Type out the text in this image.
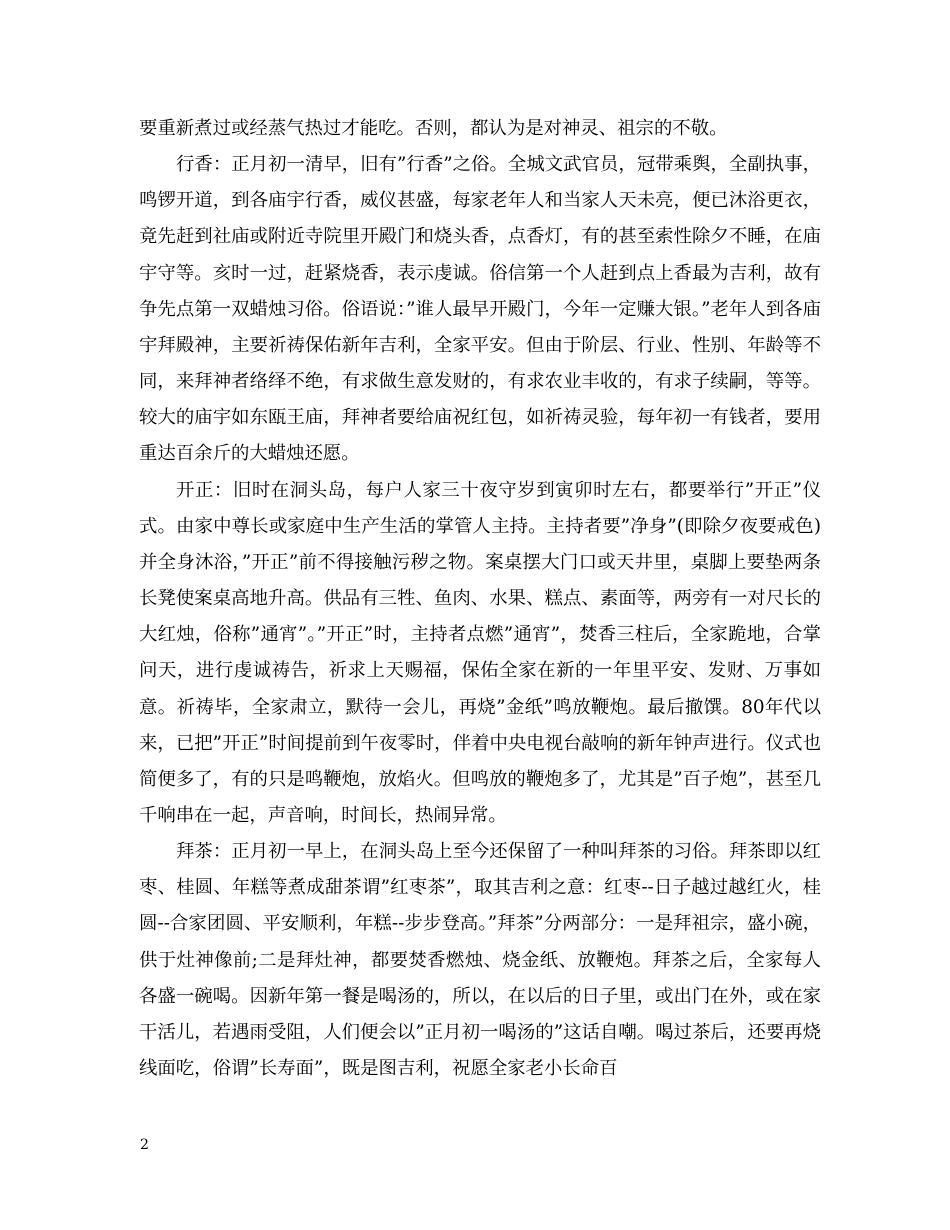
要重新煮过或经蒸气热过才能吃。否则，都认为是对神灵、祖宗的不敬。

行香：正月初一清早，旧有”行香”之俗。全城文武官员，冠带乘舆，全副执事，鸣锣开道，到各庙宇行香，威仪甚盛，每家老年人和当家人天未亮，便已沐浴更衣，竟先赶到社庙或附近寺院里开殿门和烧头香，点香灯，有的甚至索性除夕不睡，在庙宇守等。亥时一过，赶紧烧香，表示虔诚。俗信第一个人赶到点上香最为吉利，故有争先点第一双蜡烛习俗。俗语说：”谁人最早开殿门，今年一定赚大银。”老年人到各庙宇拜殿神，主要祈祷保佑新年吉利，全家平安。但由于阶层、行业、性别、年龄等不同，来拜神者络绎不绝，有求做生意发财的，有求农业丰收的，有求子续嗣，等等。较大的庙宇如东瓯王庙，拜神者要给庙祝红包，如祈祷灵验，每年初一有钱者，要用重达百余斤的大蜡烛还愿。

开正：旧时在洞头岛，每户人家三十夜守岁到寅卯时左右，都要举行”开正”仪式。由家中尊长或家庭中生产生活的掌管人主持。主持者要”净身”(即除夕夜要戒色)并全身沐浴，”开正”前不得接触污秽之物。案桌摆大门口或天井里，桌脚上要垫两条长凳使案桌高地升高。供品有三牲、鱼肉、水果、糕点、素面等，两旁有一对尺长的大红烛，俗称”通宵”。”开正”时，主持者点燃”通宵”，焚香三柱后，全家跪地，合掌问天，进行虔诚祷告，祈求上天赐福，保佑全家在新的一年里平安、发财、万事如意。祈祷毕，全家肃立，默待一会儿，再烧”金纸”鸣放鞭炮。最后撤馔。80年代以来，已把”开正”时间提前到午夜零时，伴着中央电视台敲响的新年钟声进行。仪式也简便多了，有的只是鸣鞭炮，放焰火。但鸣放的鞭炮多了，尤其是”百子炮”，甚至几千响串在一起，声音响，时间长，热闹异常。

拜茶：正月初一早上，在洞头岛上至今还保留了一种叫拜茶的习俗。拜茶即以红枣、桂圆、年糕等煮成甜茶谓”红枣茶”，取其吉利之意：红枣--日子越过越红火，桂圆--合家团圆、平安顺利，年糕--步步登高。”拜茶”分两部分：一是拜祖宗，盛小碗，供于灶神像前;二是拜灶神，都要焚香燃烛、烧金纸、放鞭炮。拜茶之后，全家每人各盛一碗喝。因新年第一餐是喝汤的，所以，在以后的日子里，或出门在外，或在家干活儿，若遇雨受阻，人们便会以”正月初一喝汤的”这话自嘲。喝过茶后，还要再烧线面吃，俗谓”长寿面”，既是图吉利，祝愿全家老小长命百

2
